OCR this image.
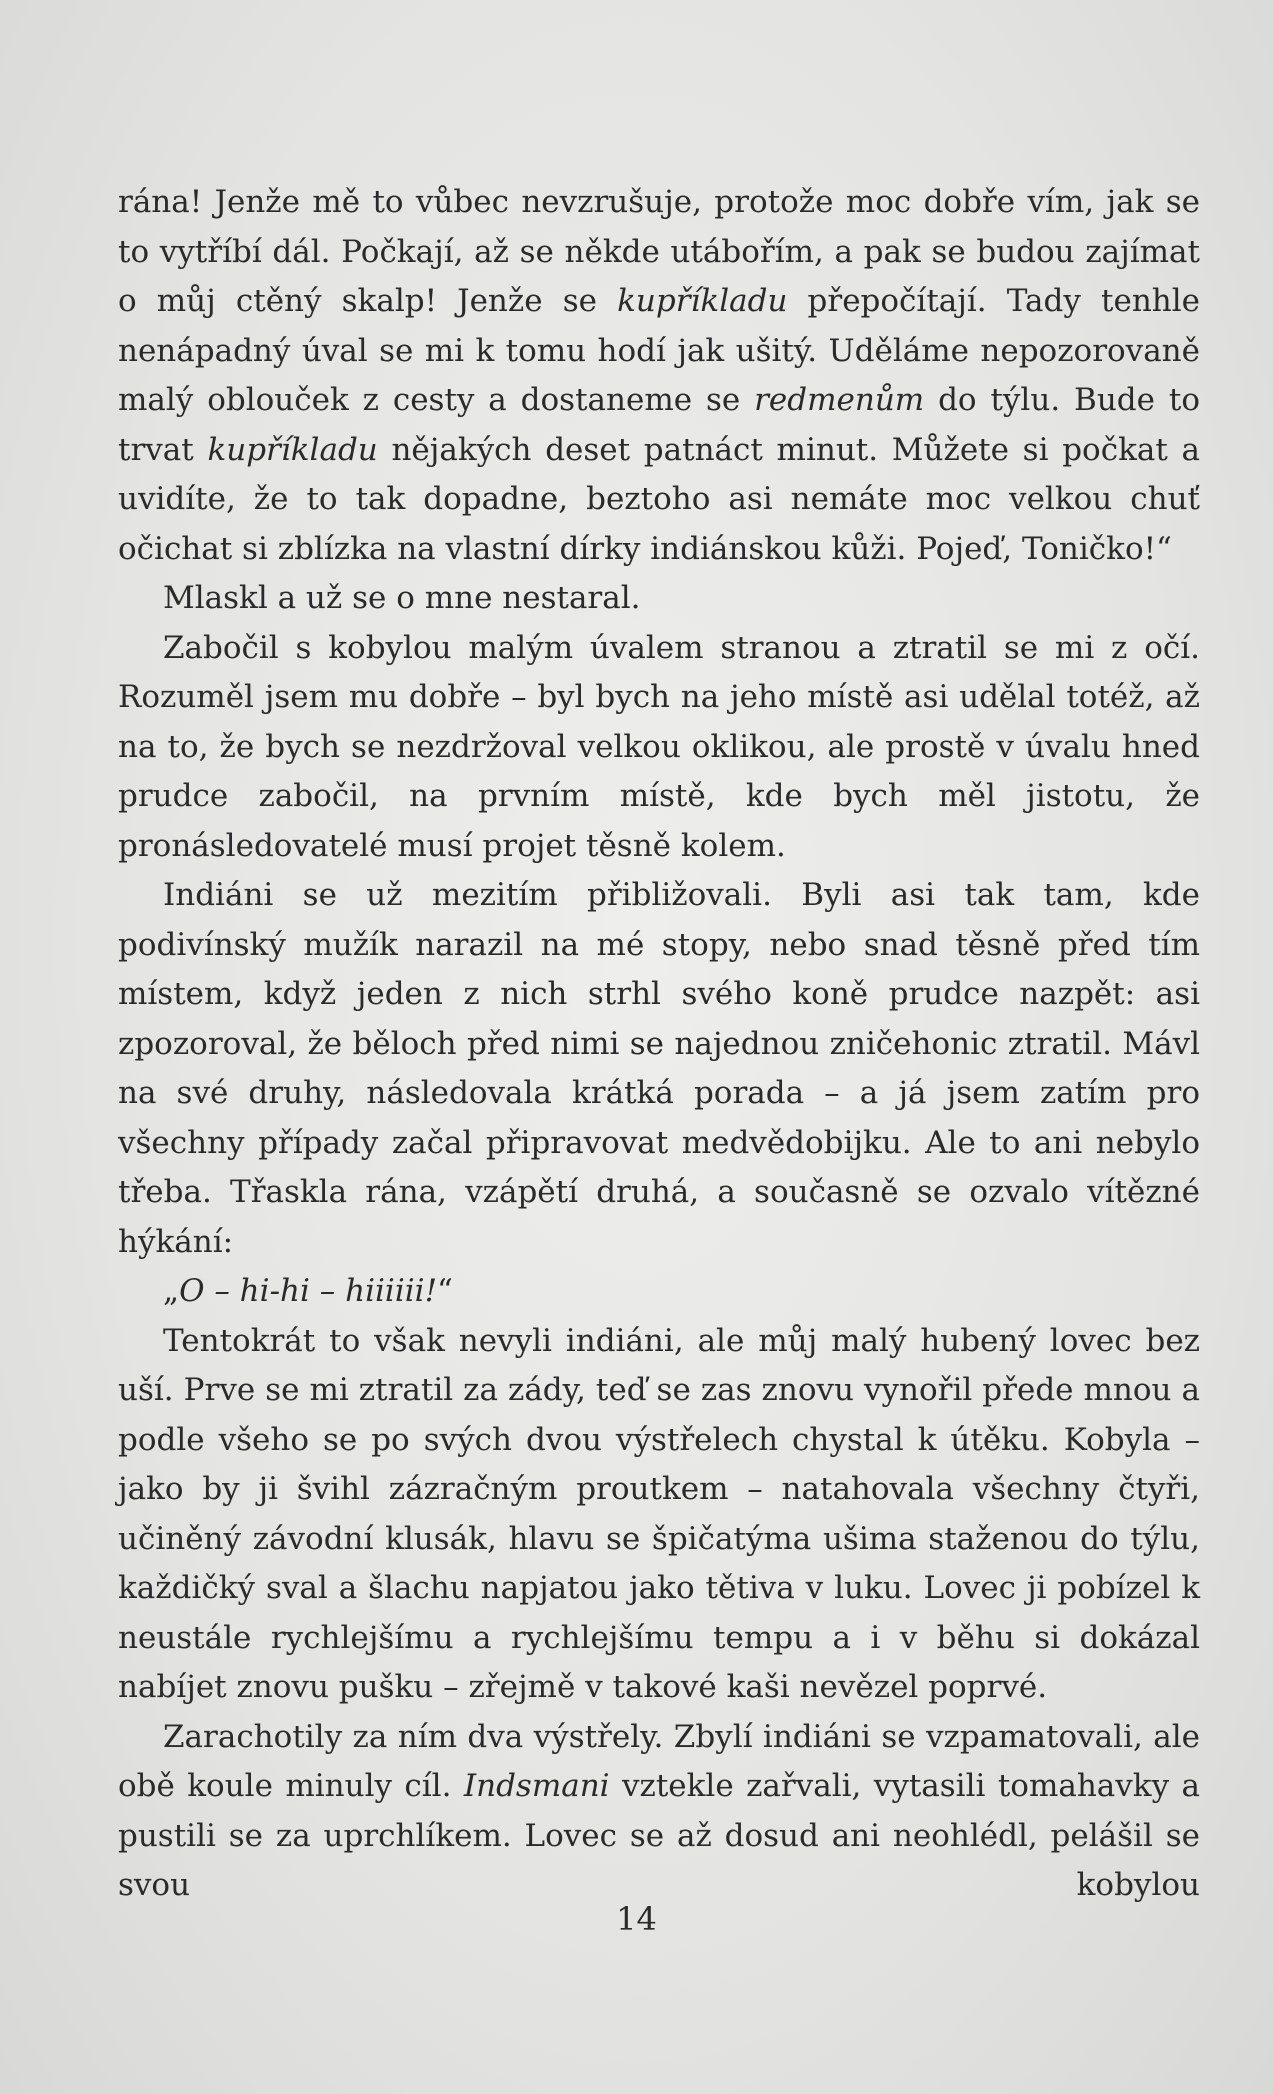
rána! Jenže mě to vůbec nevzrušuje, protože moc dobře vím, jak se to vytříbí dál. Počkají, až se někde utábořím, a pak se budou zajímat o můj ctěný skalp! Jenže se kupříkladu přepočítají. Tady tenhle nenápadný úval se mi k tomu hodí jak ušitý. Uděláme nepozorovaně malý oblouček z cesty a dostaneme se redmenům do týlu. Bude to trvat kupříkladu nějakých deset patnáct minut. Můžete si počkat a uvidíte, že to tak dopadne, beztoho asi nemáte moc velkou chuť očichat si zblízka na vlastní dírky indiánskou kůži. Pojeď, Toničko!“

Mlaskl a už se o mne nestaral.

Zabočil s kobylou malým úvalem stranou a ztratil se mi z očí. Rozuměl jsem mu dobře – byl bych na jeho místě asi udělal totéž, až na to, že bych se nezdržoval velkou oklikou, ale prostě v úvalu hned prudce zabočil, na prvním místě, kde bych měl jistotu, že pronásledovatelé musí projet těsně kolem.

Indiáni se už mezitím přibližovali. Byli asi tak tam, kde podivínský mužík narazil na mé stopy, nebo snad těsně před tím místem, když jeden z nich strhl svého koně prudce nazpět: asi zpozoroval, že běloch před nimi se najednou zničehonic ztratil. Mávl na své druhy, následovala krátká porada – a já jsem zatím pro všechny případy začal připravovat medvědobijku. Ale to ani nebylo třeba. Třaskla rána, vzápětí druhá, a současně se ozvalo vítězné hýkání:

„O – hi-hi – hiiiiii!“

Tentokrát to však nevyli indiáni, ale můj malý hubený lovec bez uší. Prve se mi ztratil za zády, teď se zas znovu vynořil přede mnou a podle všeho se po svých dvou výstřelech chystal k útěku. Kobyla – jako by ji švihl zázračným proutkem – natahovala všechny čtyři, učiněný závodní klusák, hlavu se špičatýma ušima staženou do týlu, každičký sval a šlachu napjatou jako tětiva v luku. Lovec ji pobízel k neustále rychlejšímu a rychlejšímu tempu a i v běhu si dokázal nabíjet znovu pušku – zřejmě v takové kaši nevězel poprvé.

Zarachotily za ním dva výstřely. Zbylí indiáni se vzpamatovali, ale obě koule minuly cíl. Indsmani vztekle zařvali, vytasili tomahavky a pustili se za uprchlíkem. Lovec se až dosud ani neohlédl, pelášil se svou kobylou

14
